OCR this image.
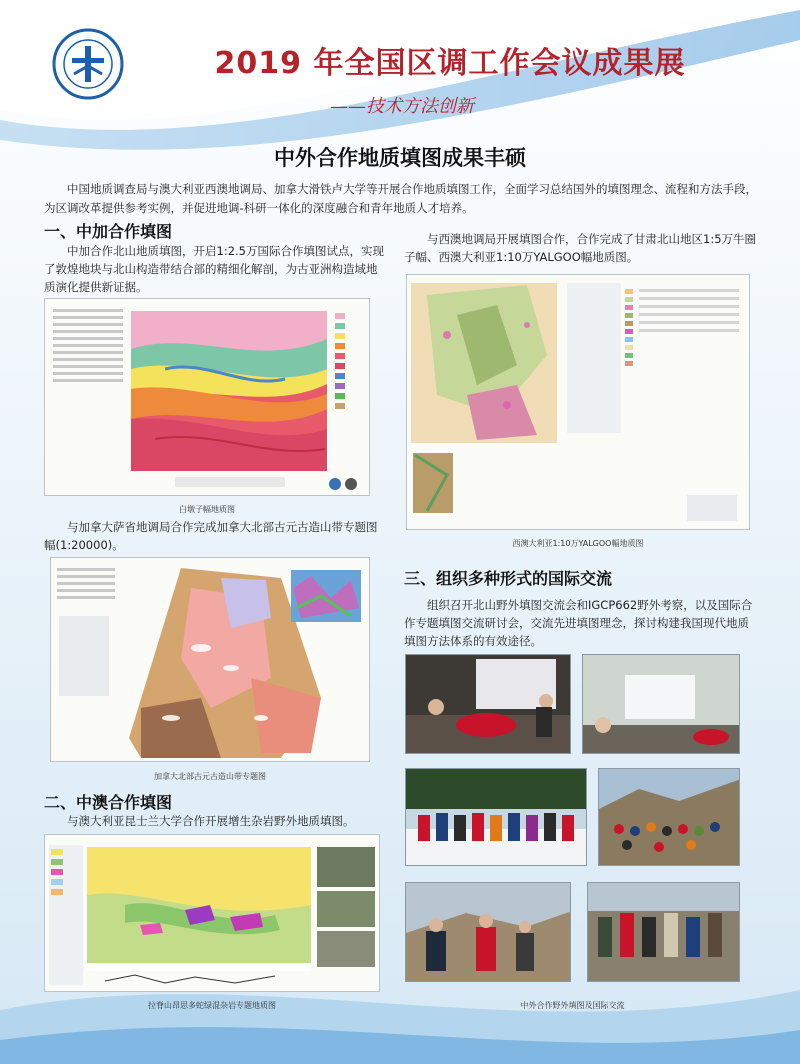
2019 年全国区调工作会议成果展
——技术方法创新
中外合作地质填图成果丰硕
中国地质调查局与澳大利亚西澳地调局、加拿大滑铁卢大学等开展合作地质填图工作，全面学习总结国外的填图理念、流程和方法手段，为区调改革提供参考实例，并促进地调-科研一体化的深度融合和青年地质人才培养。
一、中加合作填图
中加合作北山地质填图，开启1:2.5万国际合作填图试点，实现了敦煌地块与北山构造带结合部的精细化解剖，为古亚洲构造域地质演化提供新证据。
白墩子幅地质图
与加拿大萨省地调局合作完成加拿大北部古元古造山带专题图幅(1:20000)。
加拿大北部古元古造山带专题图
二、中澳合作填图
与澳大利亚昆士兰大学合作开展增生杂岩野外地质填图。
拉脊山昂思多蛇绿混杂岩专题地质图
与西澳地调局开展填图合作，合作完成了甘肃北山地区1:5万牛圈子幅、西澳大利亚1:10万YALGOO幅地质图。
西澳大利亚1:10万YALGOO幅地质图
三、组织多种形式的国际交流
组织召开北山野外填图交流会和IGCP662野外考察，以及国际合作专题填图交流研讨会，交流先进填图理念，探讨构建我国现代地质填图方法体系的有效途径。
中外合作野外填图及国际交流
